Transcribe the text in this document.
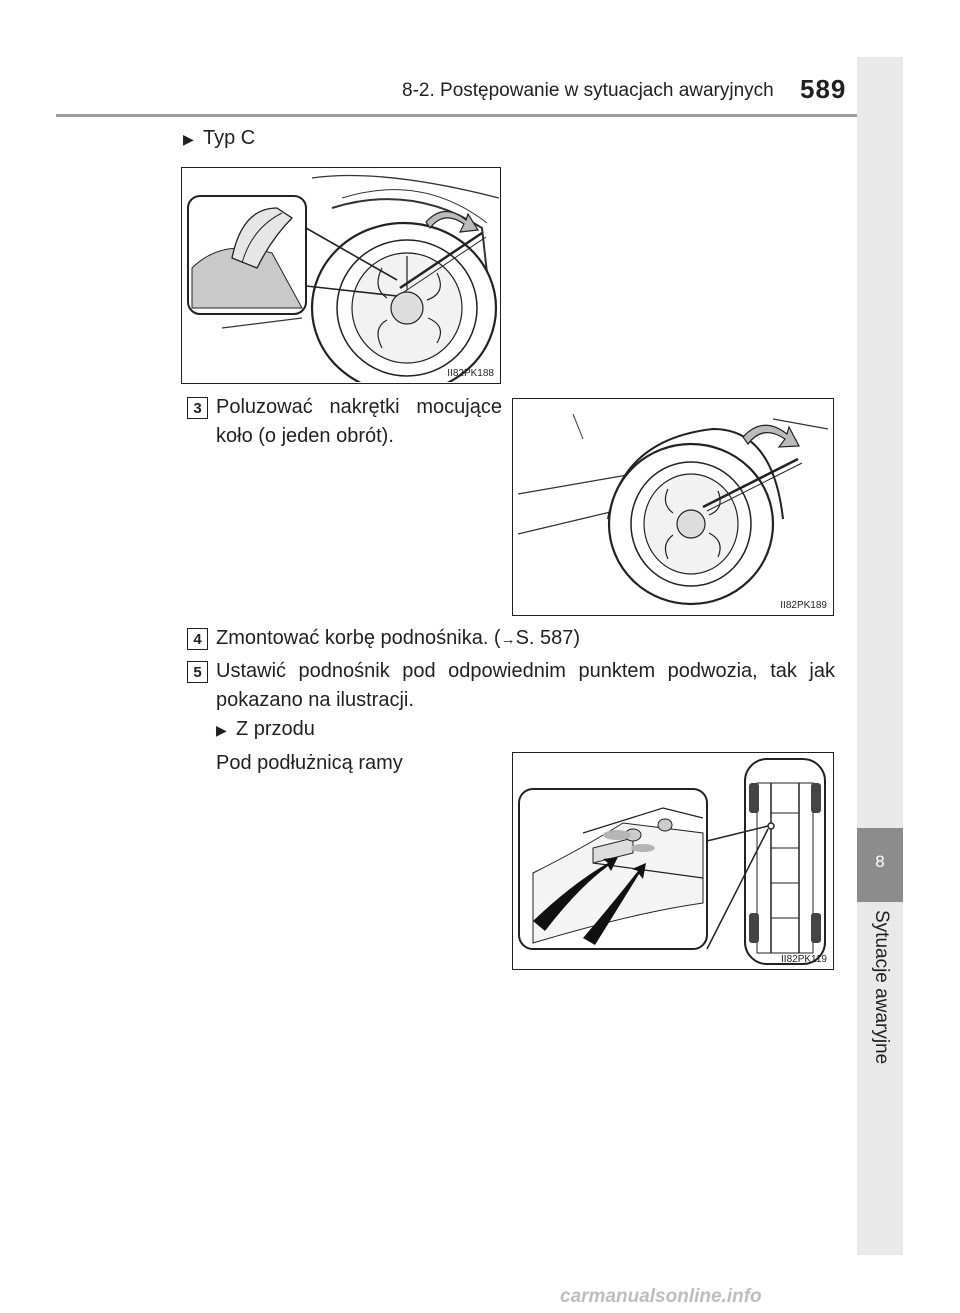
8-2. Postępowanie w sytuacjach awaryjnych 589
8
Sytuacje awaryjne
▶ Typ C
II82PK188
3 Poluzować nakrętki mocujące koło (o jeden obrót).
II82PK189
4 Zmontować korbę podnośnika. (→S. 587)
5 Ustawić podnośnik pod odpowiednim punktem podwozia, tak jak pokazano na ilustracji.
▶ Z przodu
Pod podłużnicą ramy
II82PK119
carmanualsonline.info
